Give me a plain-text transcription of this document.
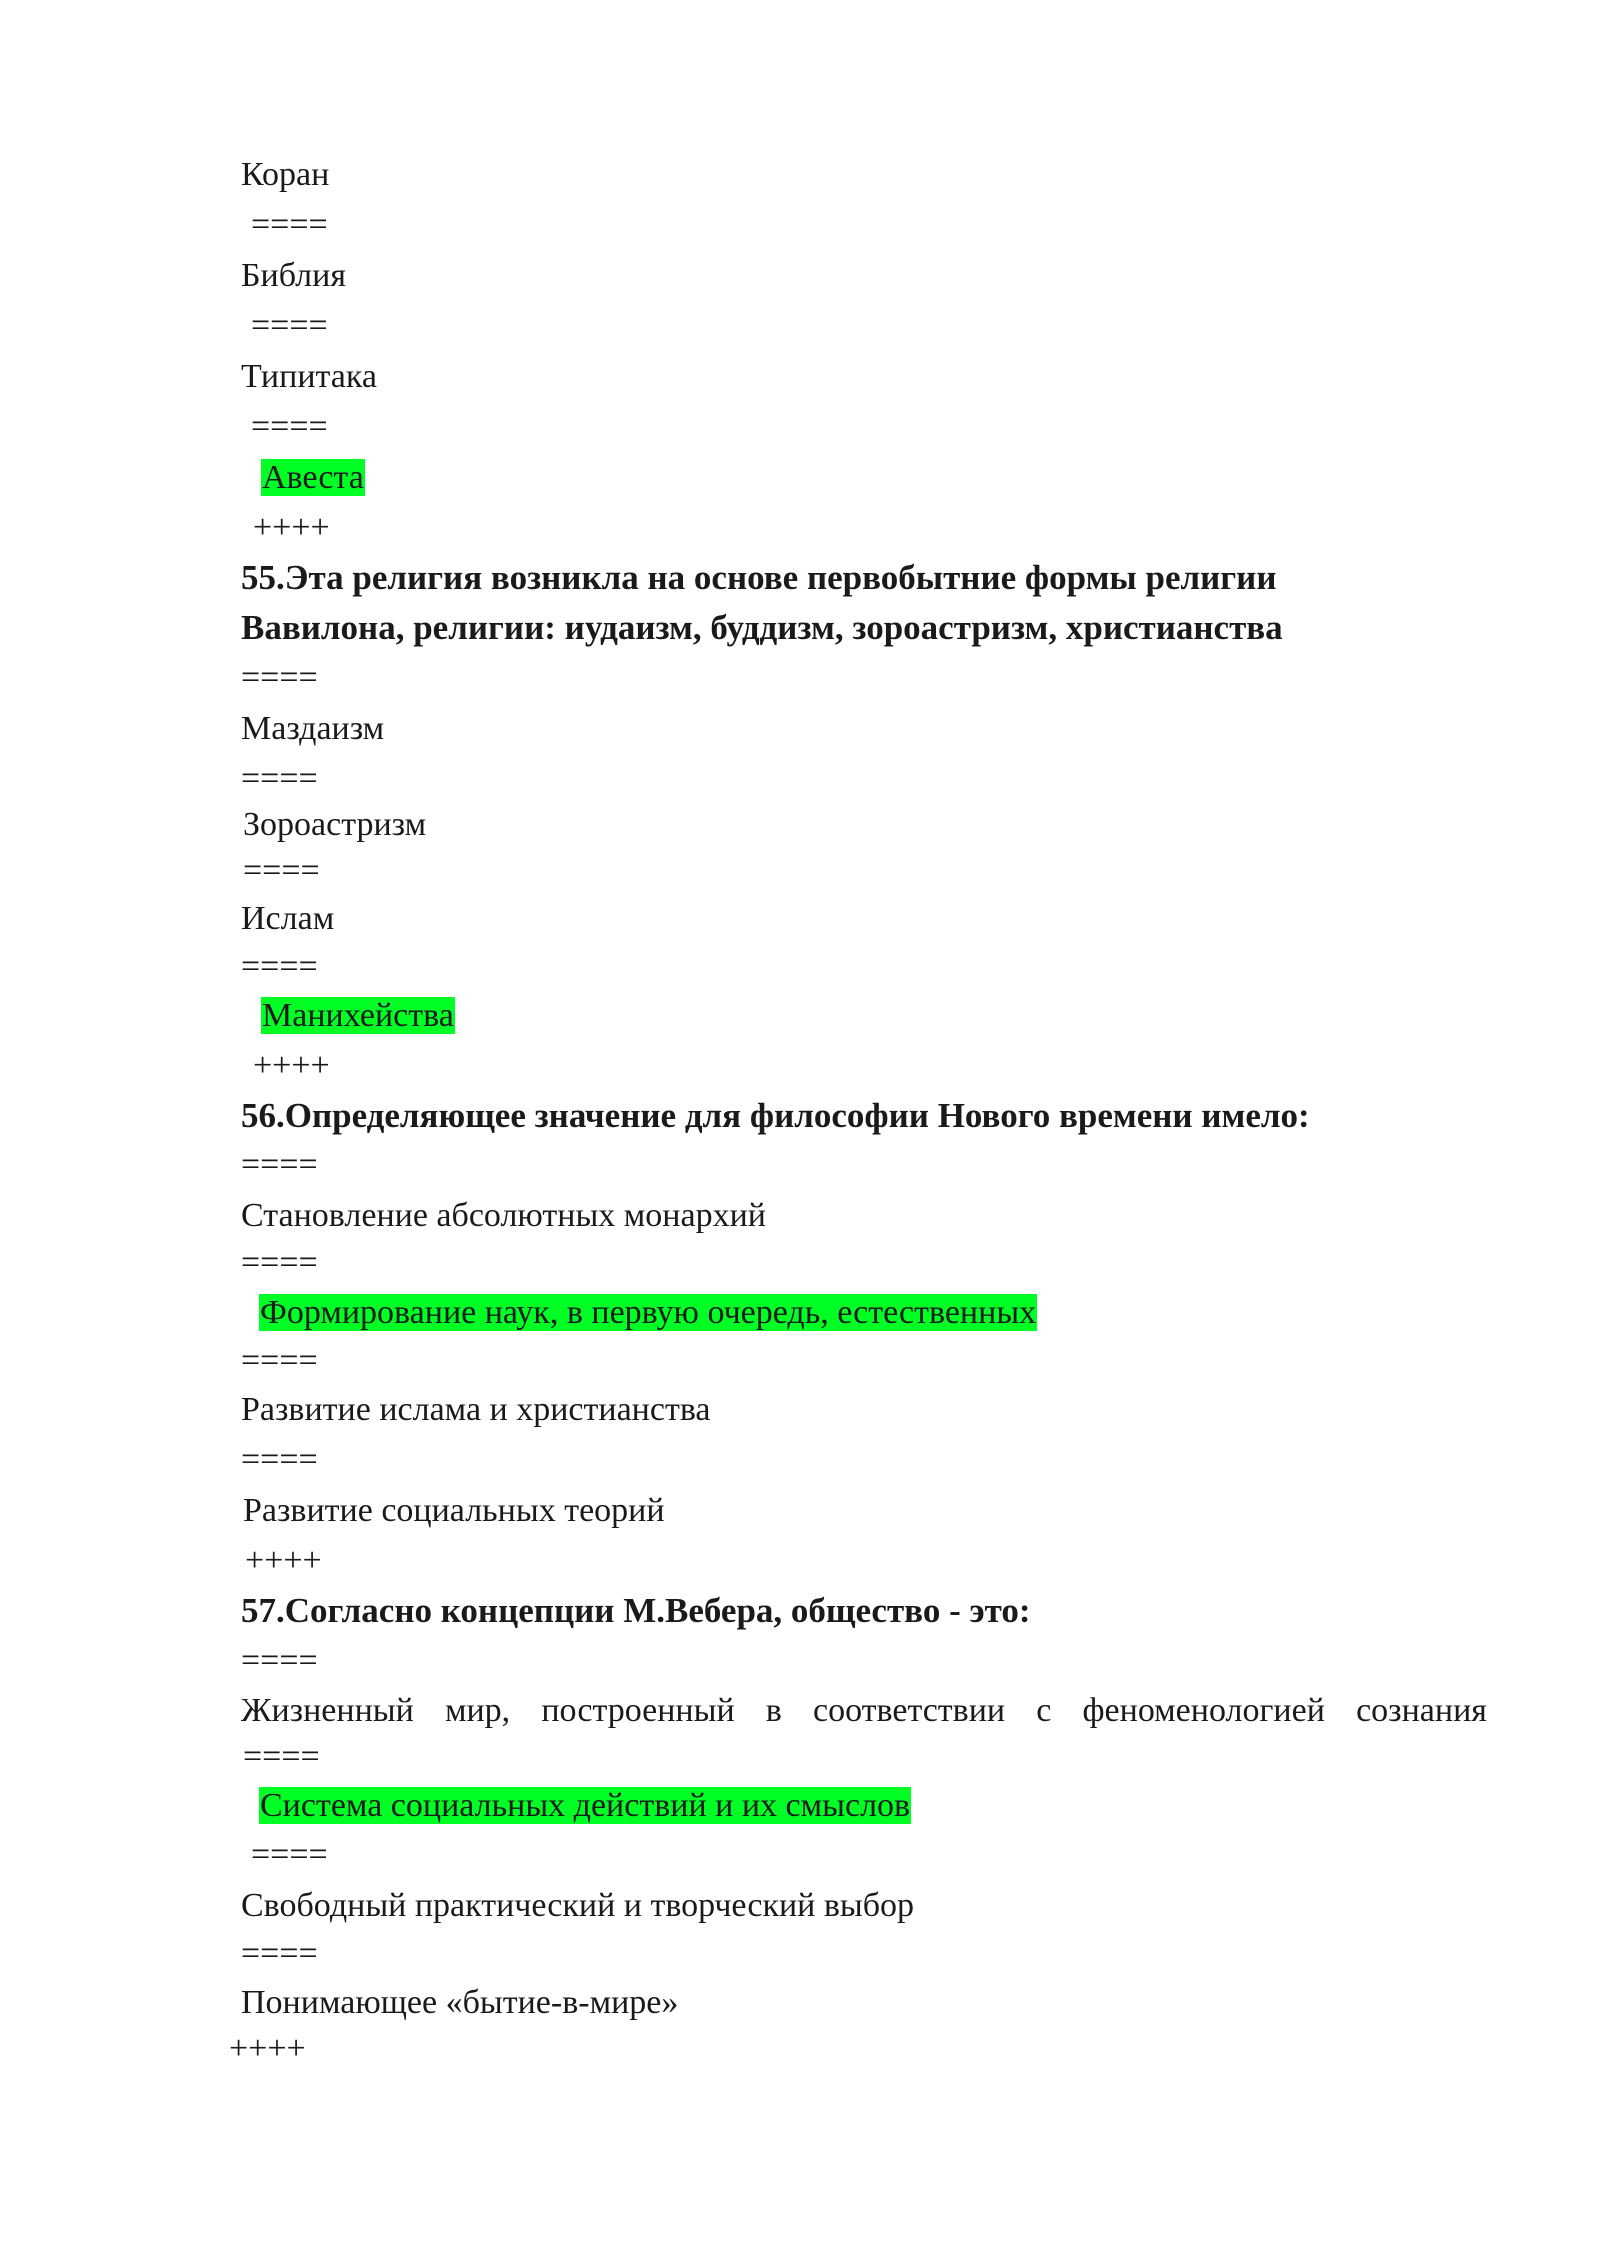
Коран
====
Библия
====
Типитака
====
Авеста
++++
55.Эта религия возникла на основе первобытние формы религии
Вавилона, религии: иудаизм, буддизм, зороастризм, христианства
====
Маздаизм
====
Зороастризм
====
Ислам
====
Манихейства
++++
56.Определяющее значение для философии Нового времени имело:
====
Становление абсолютных монархий
====
Формирование наук, в первую очередь, естественных
====
Развитие ислама и христианства
====
Развитие социальных теорий
++++
57.Согласно концепции М.Вебера, общество - это:
====
Жизненный мир, построенный в соответствии с феноменологией сознания
====
Система социальных действий и их смыслов
====
Свободный практический и творческий выбор
====
Понимающее «бытие-в-мире»
++++
